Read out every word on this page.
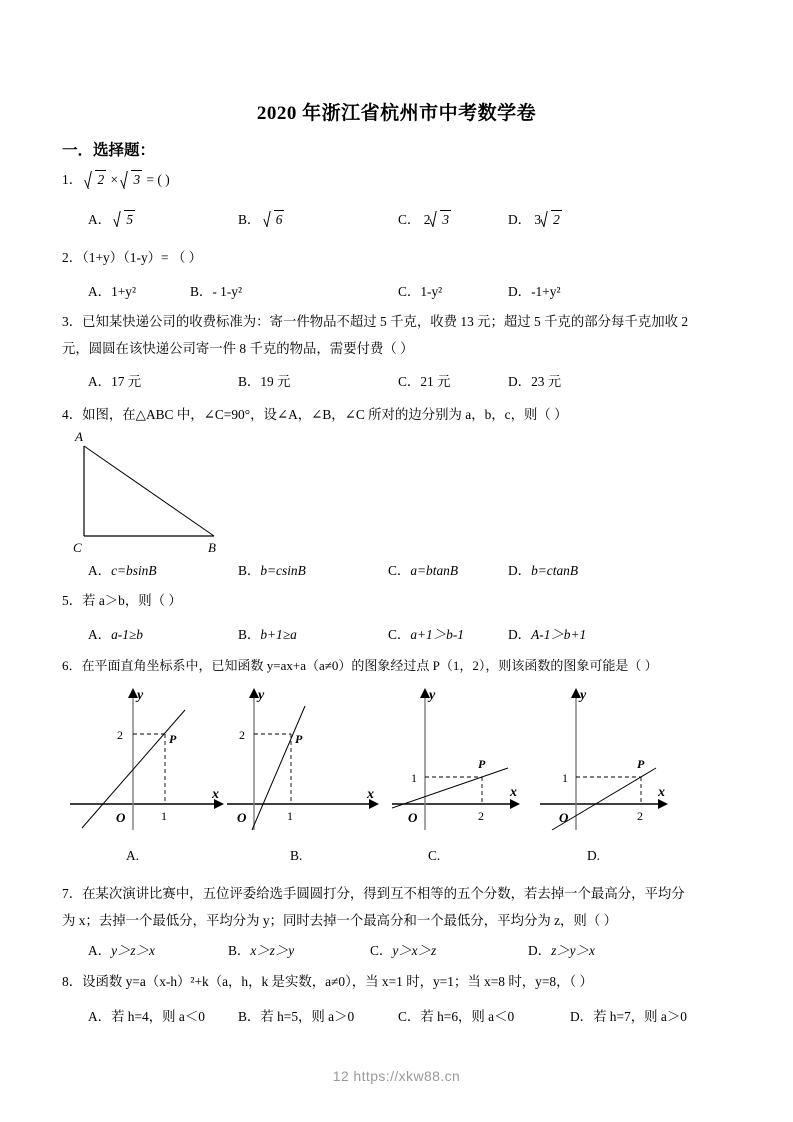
2020 年浙江省杭州市中考数学卷
一．选择题：
1． 2 × 3 = ( )
A． 5	B． 6	C． 2 3	D． 3 2
2．（1+y）（1-y）= （ ）
A．1+y²	B．- 1-y²	C．1-y²	D．-1+y²
3．已知某快递公司的收费标准为：寄一件物品不超过 5 千克，收费 13 元；超过 5 千克的部分每千克加收 2
元，圆圆在该快递公司寄一件 8 千克的物品，需要付费（ ）
A．17 元	B．19 元	C．21 元	D．23 元
4．如图，在△ABC 中，∠C=90°，设∠A，∠B，∠C 所对的边分别为 a，b，c，则（ ）
A
C	B
A．c=bsinB	B．b=csinB	C．a=btanB	D．b=ctanB
5．若 a＞b，则（ ）
A．a-1≥b	B．b+1≥a	C．a+1＞b-1	D．A-1＞b+1
6．在平面直角坐标系中，已知函数 y=ax+a（a≠0）的图象经过点 P（1，2），则该函数的图象可能是（ ）
y
x
2
1
P
O
y
x
2
1
P
O
y
x
1
2
P
O
y
x
1
2
P
O
A.	B.	C.	D.
7．在某次演讲比赛中，五位评委给选手圆圆打分，得到互不相等的五个分数，若去掉一个最高分，平均分
为 x；去掉一个最低分，平均分为 y；同时去掉一个最高分和一个最低分，平均分为 z，则（ ）
A．y＞z＞x	B．x＞z＞y	C．y＞x＞z	D．z＞y＞x
8．设函数 y=a（x-h）²+k（a，h，k 是实数，a≠0），当 x=1 时，y=1；当 x=8 时，y=8，（ ）
A．若 h=4，则 a＜0 B．若 h=5，则 a＞0	C．若 h=6，则 a＜0	D．若 h=7，则 a＞0
12 https://xkw88.cn
